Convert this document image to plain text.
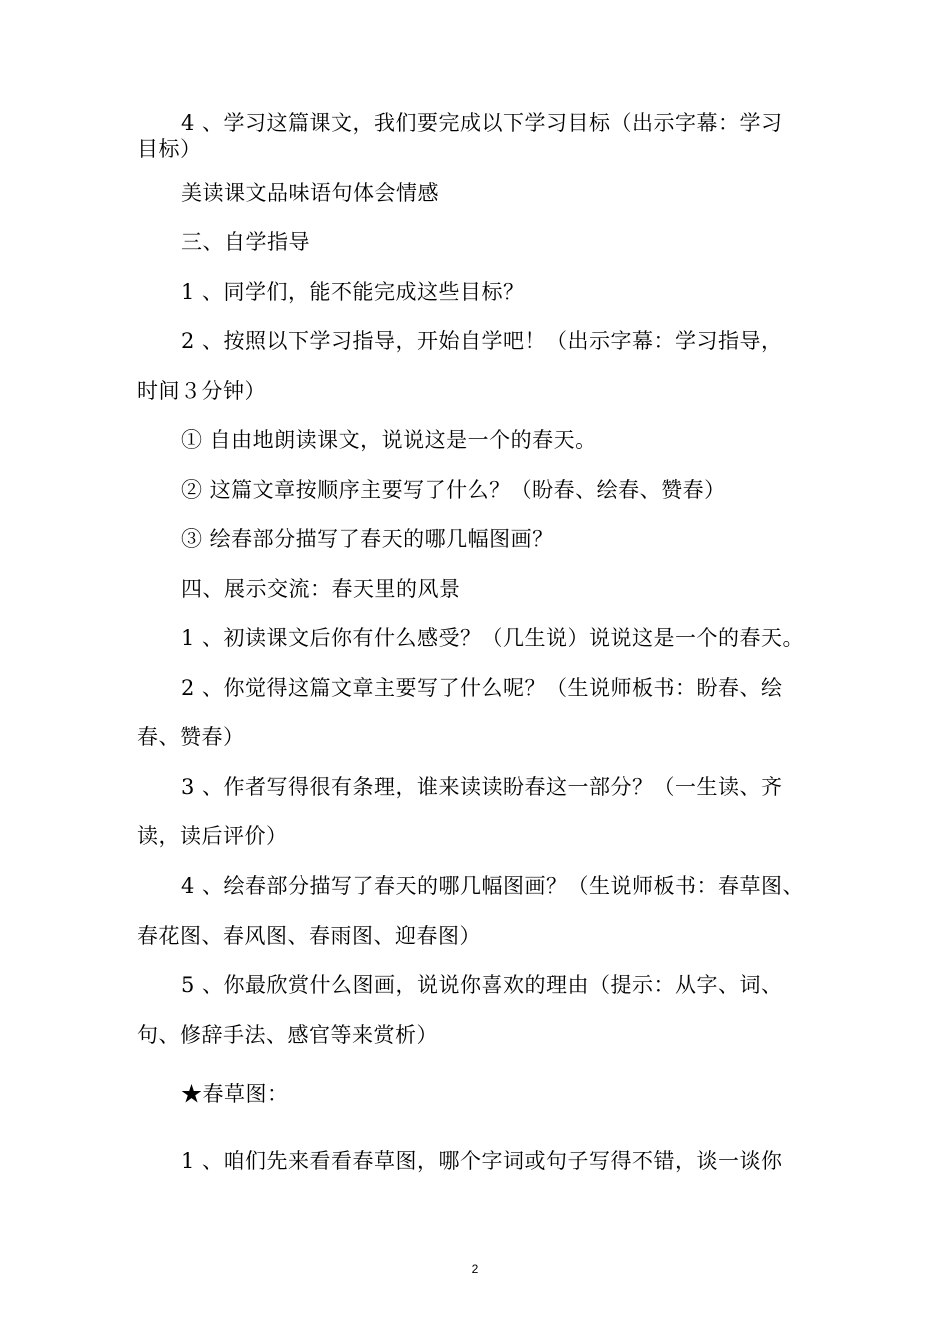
4 、学习这篇课文，我们要完成以下学习目标（出示字幕：学习
目标）
美读课文品味语句体会情感
三、自学指导
1 、同学们，能不能完成这些目标？
2 、按照以下学习指导，开始自学吧！（出示字幕：学习指导，
时间３分钟）
① 自由地朗读课文，说说这是一个的春天。
② 这篇文章按顺序主要写了什么？（盼春、绘春、赞春）
③ 绘春部分描写了春天的哪几幅图画？
四、展示交流：春天里的风景
1 、初读课文后你有什么感受？（几生说）说说这是一个的春天。
2 、你觉得这篇文章主要写了什么呢？（生说师板书：盼春、绘
春、赞春）
3 、作者写得很有条理，谁来读读盼春这一部分？（一生读、齐
读，读后评价）
4 、绘春部分描写了春天的哪几幅图画？（生说师板书：春草图、
春花图、春风图、春雨图、迎春图）
5 、你最欣赏什么图画，说说你喜欢的理由（提示：从字、词、
句、修辞手法、感官等来赏析）
★春草图：
1 、咱们先来看看春草图，哪个字词或句子写得不错，谈一谈你
2
